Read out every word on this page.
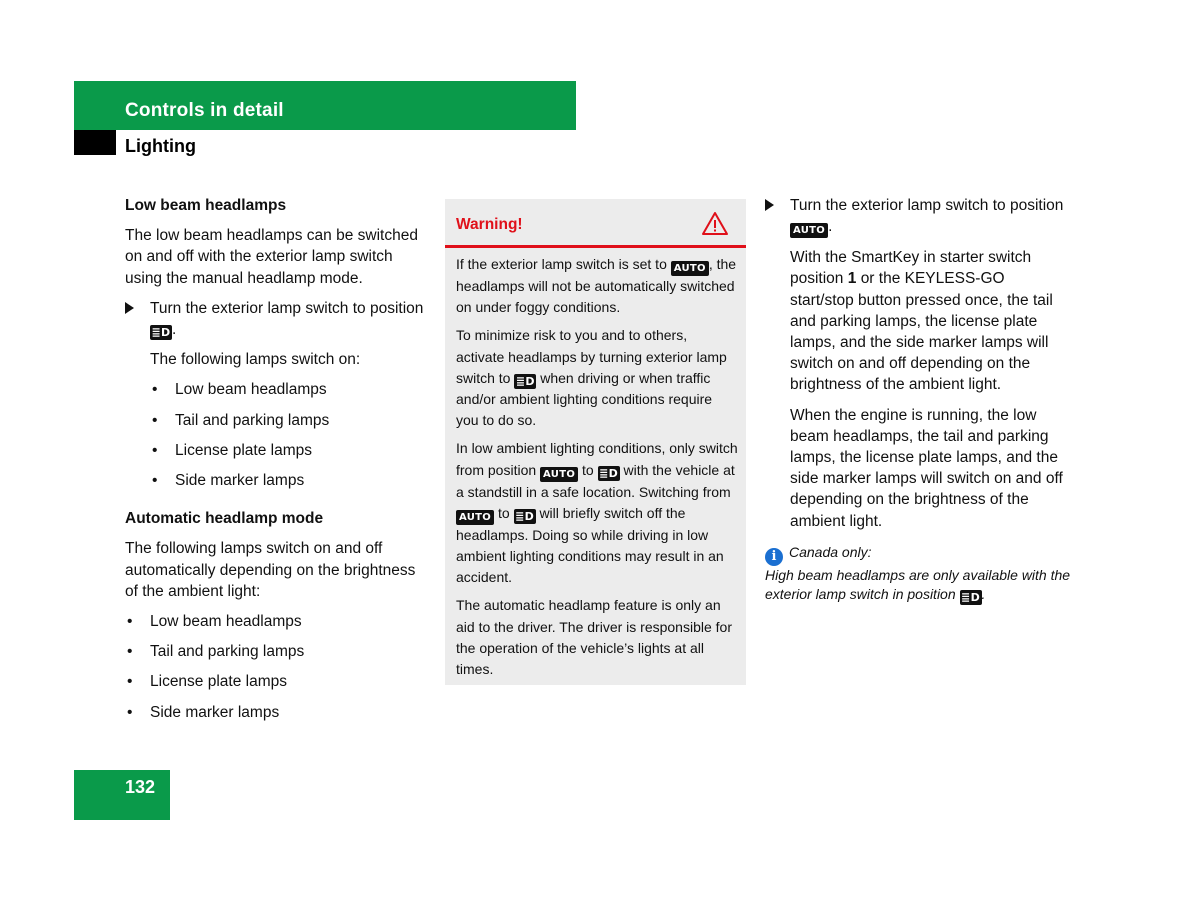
Controls in detail
Lighting
Low beam headlamps

The low beam headlamps can be switched on and off with the exterior lamp switch using the manual headlamp mode.

Turn the exterior lamp switch to position ≣D.

The following lamps switch on:

• Low beam headlamps
• Tail and parking lamps
• License plate lamps
• Side marker lamps
Automatic headlamp mode

The following lamps switch on and off automatically depending on the brightness of the ambient light:

• Low beam headlamps
• Tail and parking lamps
• License plate lamps
• Side marker lamps
Warning!

If the exterior lamp switch is set to AUTO , the headlamps will not be automatically switched on under foggy conditions.

To minimize risk to you and to others, activate headlamps by turning exterior lamp switch to ≣D when driving or when traffic and/or ambient lighting conditions require you to do so.

In low ambient lighting conditions, only switch from position AUTO to ≣D with the vehicle at a standstill in a safe location. Switching from AUTO to ≣D will briefly switch off the headlamps. Doing so while driving in low ambient lighting conditions may result in an accident.

The automatic headlamp feature is only an aid to the driver. The driver is responsible for the operation of the vehicle’s lights at all times.

Turn the exterior lamp switch to position AUTO .

With the SmartKey in starter switch position 1 or the KEYLESS-GO start/stop button pressed once, the tail and parking lamps, the license plate lamps, and the side marker lamps will switch on and off depending on the brightness of the ambient light.

When the engine is running, the low beam headlamps, the tail and parking lamps, the license plate lamps, and the side marker lamps will switch on and off depending on the brightness of the ambient light.

i Canada only:
High beam headlamps are only available with the exterior lamp switch in position ≣D .
132
